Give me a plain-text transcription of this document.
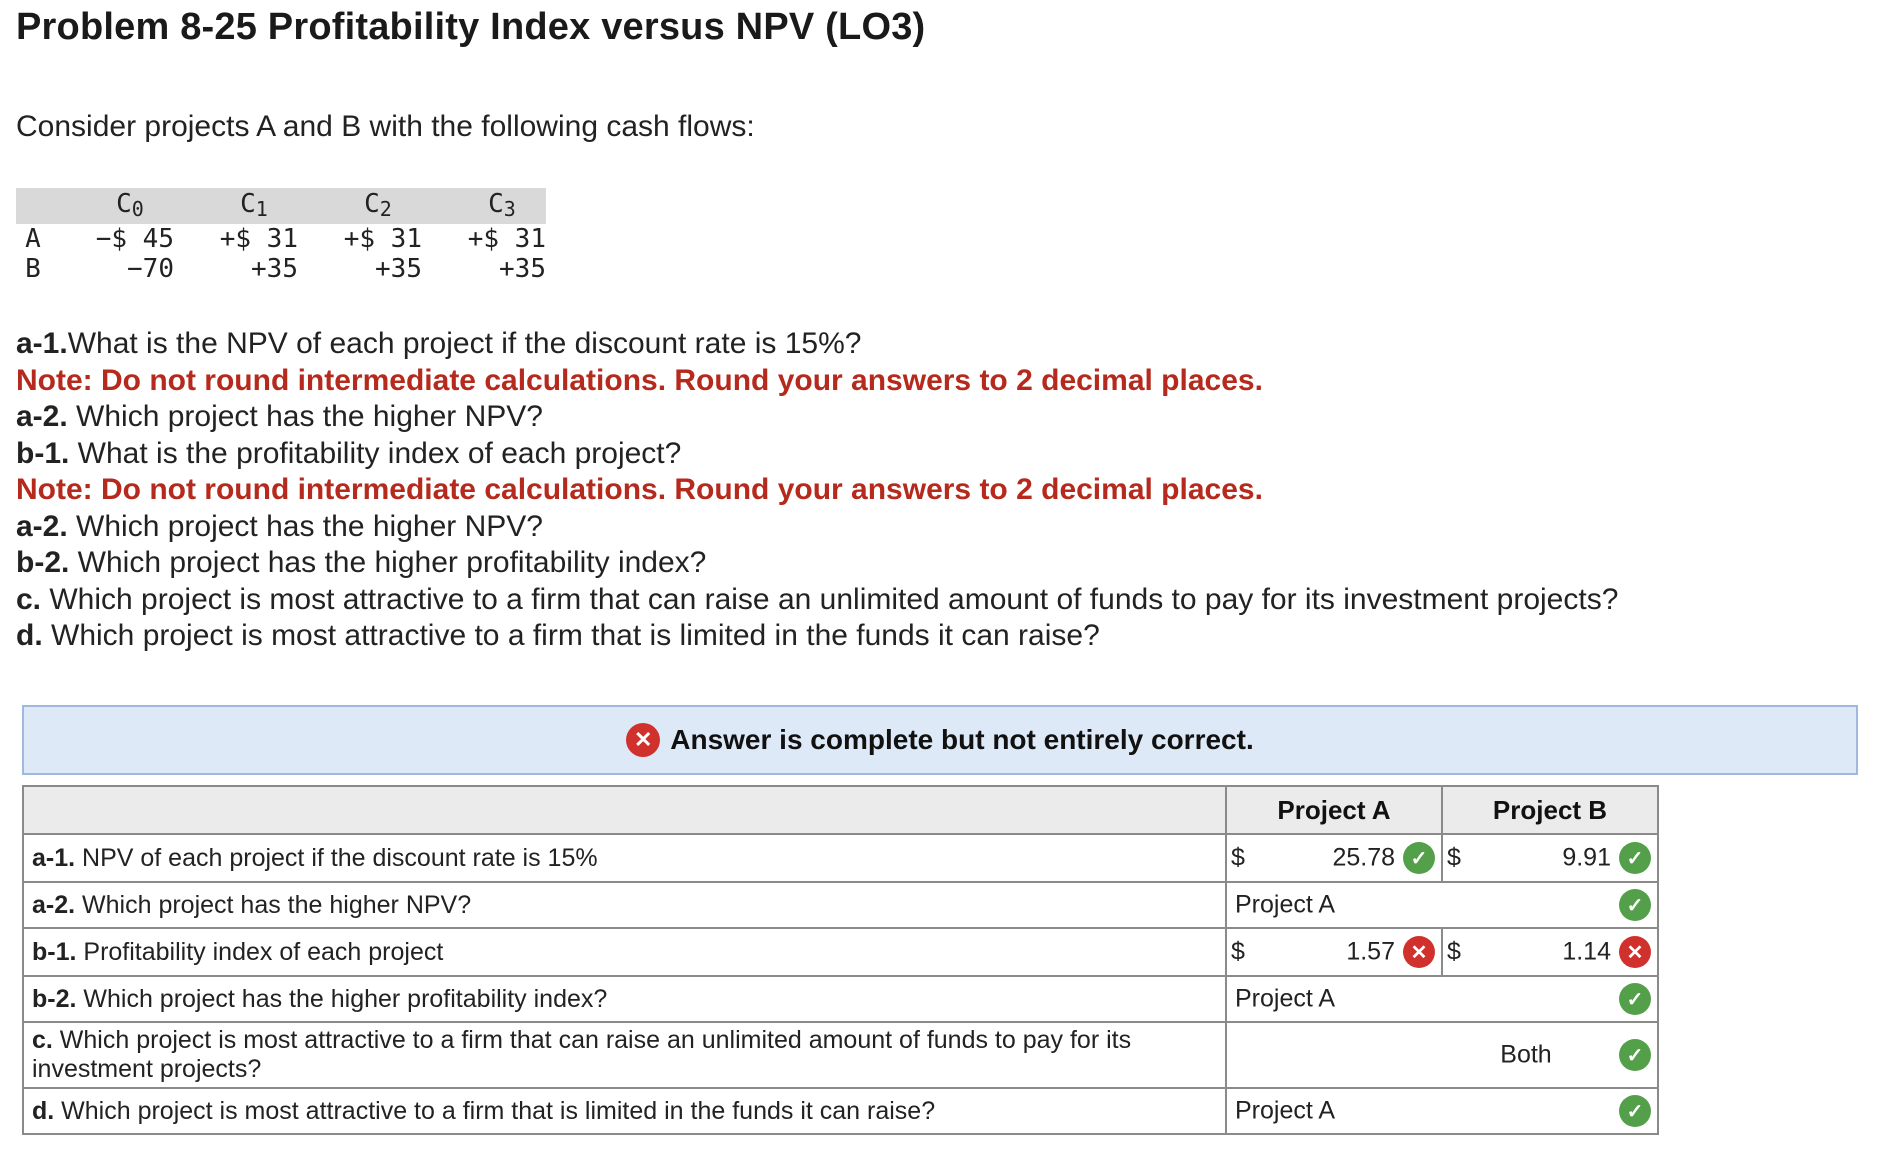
Problem 8-25 Profitability Index versus NPV (LO3)
Consider projects A and B with the following cash flows:
	C0	C1	C2	C3
A	−$ 45	+$ 31	+$ 31	+$ 31
B	−70	+35	+35	+35
a-1.What is the NPV of each project if the discount rate is 15%?
Note: Do not round intermediate calculations. Round your answers to 2 decimal places.
a-2. Which project has the higher NPV?
b-1. What is the profitability index of each project?
Note: Do not round intermediate calculations. Round your answers to 2 decimal places.
a-2. Which project has the higher NPV?
b-2. Which project has the higher profitability index?
c. Which project is most attractive to a firm that can raise an unlimited amount of funds to pay for its investment projects?
d. Which project is most attractive to a firm that is limited in the funds it can raise?
✕ Answer is complete but not entirely correct.
	Project A	Project B
a-1. NPV of each project if the discount rate is 15%	$ 25.78 ✓	$ 9.91 ✓

a-2. Which project has the higher NPV?	Project A ✓	

b-1. Profitability index of each project	$ 1.57 ✕	$ 1.14 ✕

b-2. Which project has the higher profitability index?	Project A ✓	

c. Which project is most attractive to a firm that can raise an unlimited amount of funds to pay for its investment projects?	Both ✓	

d. Which project is most attractive to a firm that is limited in the funds it can raise?	Project A ✓	
